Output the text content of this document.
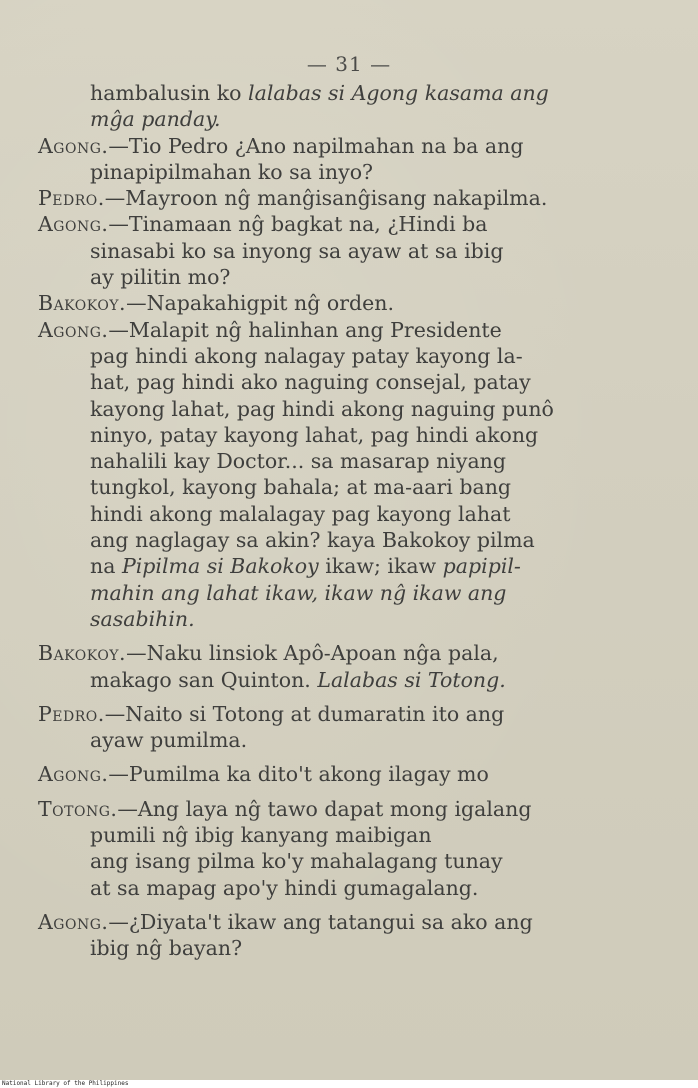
— 31 —

hambalusin ko lalabas si Agong kasama ang

mĝa panday.

Agong.—Tio Pedro ¿Ano napilmahan na ba ang

pinapipilmahan ko sa inyo?

Pedro.—Mayroon nĝ manĝisanĝisang nakapilma.

Agong.—Tinamaan nĝ bagkat na, ¿Hindi ba

sinasabi ko sa inyong sa ayaw at sa ibig

ay pilitin mo?

Bakokoy.—Napakahigpit nĝ orden.

Agong.—Malapit nĝ halinhan ang Presidente

pag hindi akong nalagay patay kayong la-

hat, pag hindi ako naguing consejal, patay

kayong lahat, pag hindi akong naguing punô

ninyo, patay kayong lahat, pag hindi akong

nahalili kay Doctor... sa masarap niyang

tungkol, kayong bahala; at ma-aari bang

hindi akong malalagay pag kayong lahat

ang naglagay sa akin? kaya Bakokoy pilma

na Pipilma si Bakokoy ikaw; ikaw papipil-

mahin ang lahat ikaw, ikaw nĝ ikaw ang

sasabihin.

Bakokoy.—Naku linsiok Apô-Apoan nĝa pala,

makago san Quinton. Lalabas si Totong.

Pedro.—Naito si Totong at dumaratin ito ang

ayaw pumilma.

Agong.—Pumilma ka dito't akong ilagay mo

Totong.—Ang laya nĝ tawo dapat mong igalang

pumili nĝ ibig kanyang maibigan

ang isang pilma ko'y mahalagang tunay

at sa mapag apo'y hindi gumagalang.

Agong.—¿Diyata't ikaw ang tatangui sa ako ang

ibig nĝ bayan?

National Library of the Philippines
